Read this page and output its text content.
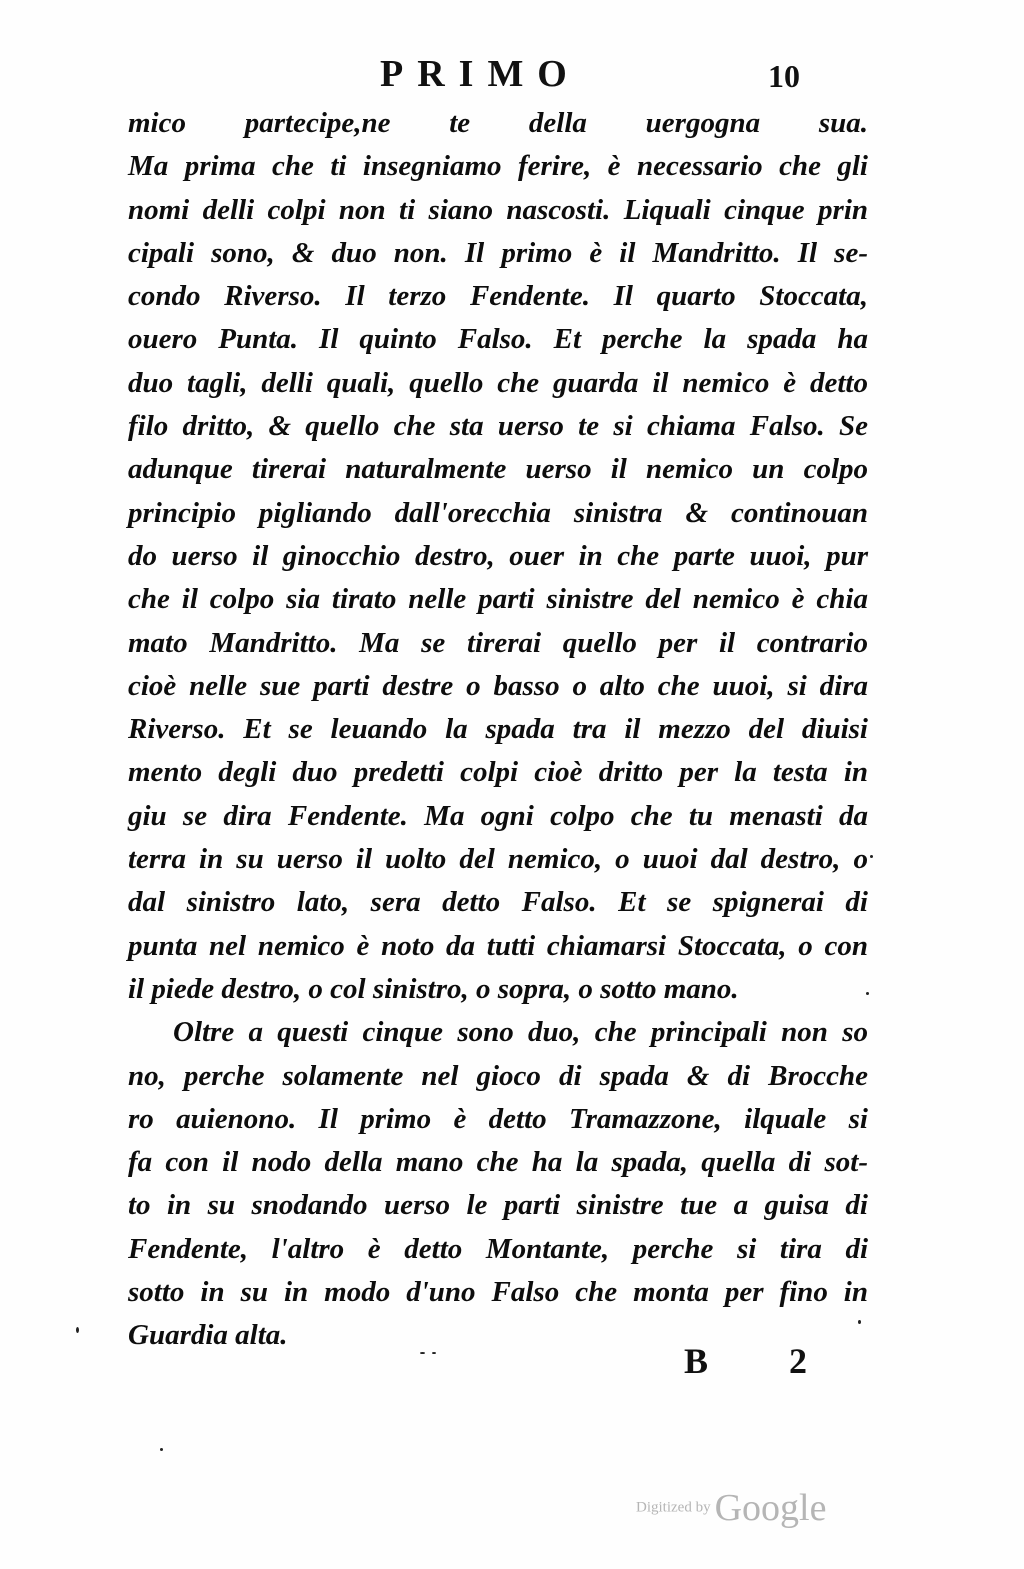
PRIMO	10
mico partecipe,ne te della uergogna sua.
Ma prima che ti insegniamo ferire, è necessario che gli
nomi delli colpi non ti siano nascosti. Liquali cinque prin
cipali sono, & duo non. Il primo è il Mandritto. Il se-
condo Riverso. Il terzo Fendente. Il quarto Stoccata,
ouero Punta. Il quinto Falso. Et perche la spada ha
duo tagli, delli quali, quello che guarda il nemico è detto
filo dritto, & quello che sta uerso te si chiama Falso. Se
adunque tirerai naturalmente uerso il nemico un colpo
principio pigliando dall'orecchia sinistra & continouan
do uerso il ginocchio destro, ouer in che parte uuoi, pur
che il colpo sia tirato nelle parti sinistre del nemico è chia
mato Mandritto. Ma se tirerai quello per il contrario
cioè nelle sue parti destre o basso o alto che uuoi, si dira
Riverso. Et se leuando la spada tra il mezzo del diuisi
mento degli duo predetti colpi cioè dritto per la testa in
giu se dira Fendente. Ma ogni colpo che tu menasti da
terra in su uerso il uolto del nemico, o uuoi dal destro, o
dal sinistro lato, sera detto Falso. Et se spignerai di
punta nel nemico è noto da tutti chiamarsi Stoccata, o con
il piede destro, o col sinistro, o sopra, o sotto mano.
Oltre a questi cinque sono duo, che principali non so
no, perche solamente nel gioco di spada & di Brocche
ro auienono. Il primo è detto Tramazzone, ilquale si
fa con il nodo della mano che ha la spada, quella di sot-
to in su snodando uerso le parti sinistre tue a guisa di
Fendente, l'altro è detto Montante, perche si tira di
sotto in su in modo d'uno Falso che monta per fino in
Guardia alta.
B 2
Digitized by Google
